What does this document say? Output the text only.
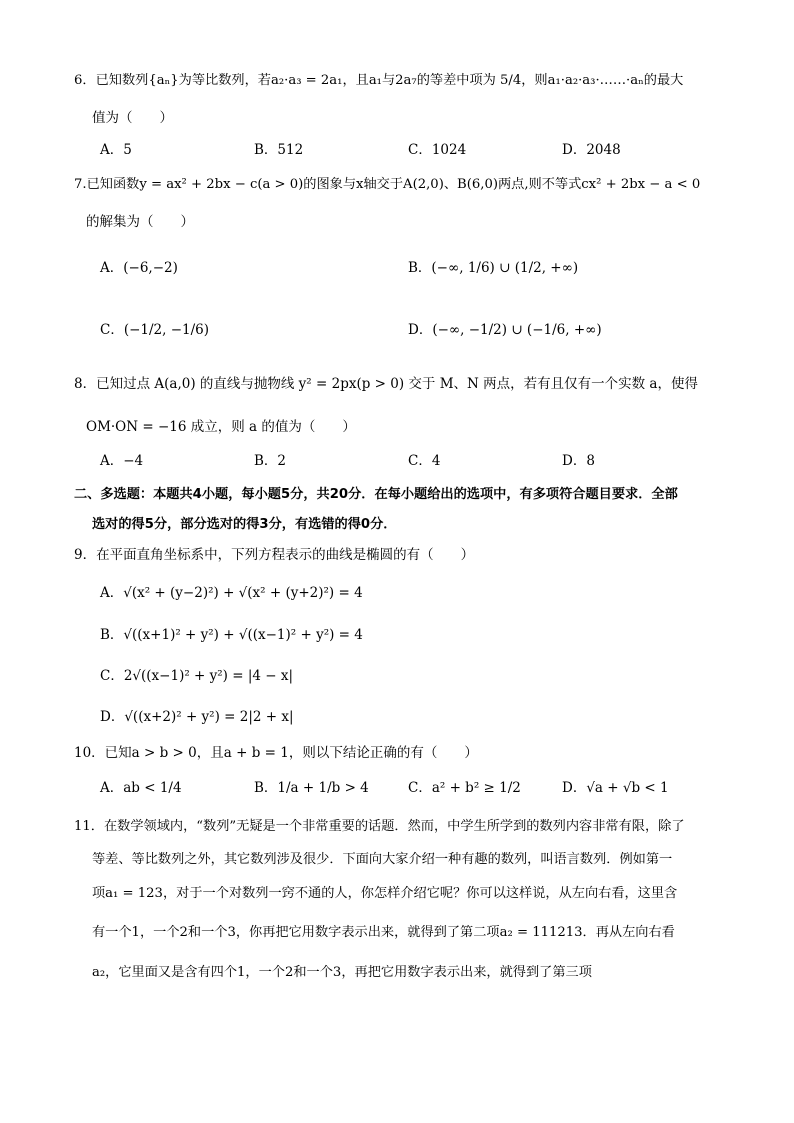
6．已知数列{aₙ}为等比数列，若a₂·a₃ = 2a₁，且a₁与2a₇的等差中项为 5/4，则a₁·a₂·a₃·……·aₙ的最大
值为（　　）
A．5	B．512	C．1024	D．2048
7.已知函数y = ax² + 2bx − c(a > 0)的图象与x轴交于A(2,0)、B(6,0)两点,则不等式cx² + 2bx − a < 0
的解集为（　　）
A．(−6,−2)	B．(−∞, 1/6) ∪ (1/2, +∞)
C．(−1/2, −1/6)	D．(−∞, −1/2) ∪ (−1/6, +∞)
8．已知过点 A(a,0) 的直线与抛物线 y² = 2px(p > 0) 交于 M、N 两点，若有且仅有一个实数 a，使得
OM·ON = −16 成立，则 a 的值为（　　）
A．−4	B．2	C．4	D．8
二、多选题：本题共4小题，每小题5分，共20分．在每小题给出的选项中，有多项符合题目要求．全部
选对的得5分，部分选对的得3分，有选错的得0分．
9．在平面直角坐标系中，下列方程表示的曲线是椭圆的有（　　）
A．√(x² + (y−2)²) + √(x² + (y+2)²) = 4
B．√((x+1)² + y²) + √((x−1)² + y²) = 4
C．2√((x−1)² + y²) = |4 − x|
D．√((x+2)² + y²) = 2|2 + x|
10．已知a > b > 0，且a + b = 1，则以下结论正确的有（　　）
A．ab < 1/4	B．1/a + 1/b > 4	C．a² + b² ≥ 1/2	D．√a + √b < 1
11．在数学领域内，“数列”无疑是一个非常重要的话题．然而，中学生所学到的数列内容非常有限，除了
等差、等比数列之外，其它数列涉及很少．下面向大家介绍一种有趣的数列，叫语言数列．例如第一
项a₁ = 123，对于一个对数列一窍不通的人，你怎样介绍它呢？你可以这样说，从左向右看，这里含
有一个1，一个2和一个3，你再把它用数字表示出来，就得到了第二项a₂ = 111213．再从左向右看
a₂，它里面又是含有四个1，一个2和一个3，再把它用数字表示出来，就得到了第三项
